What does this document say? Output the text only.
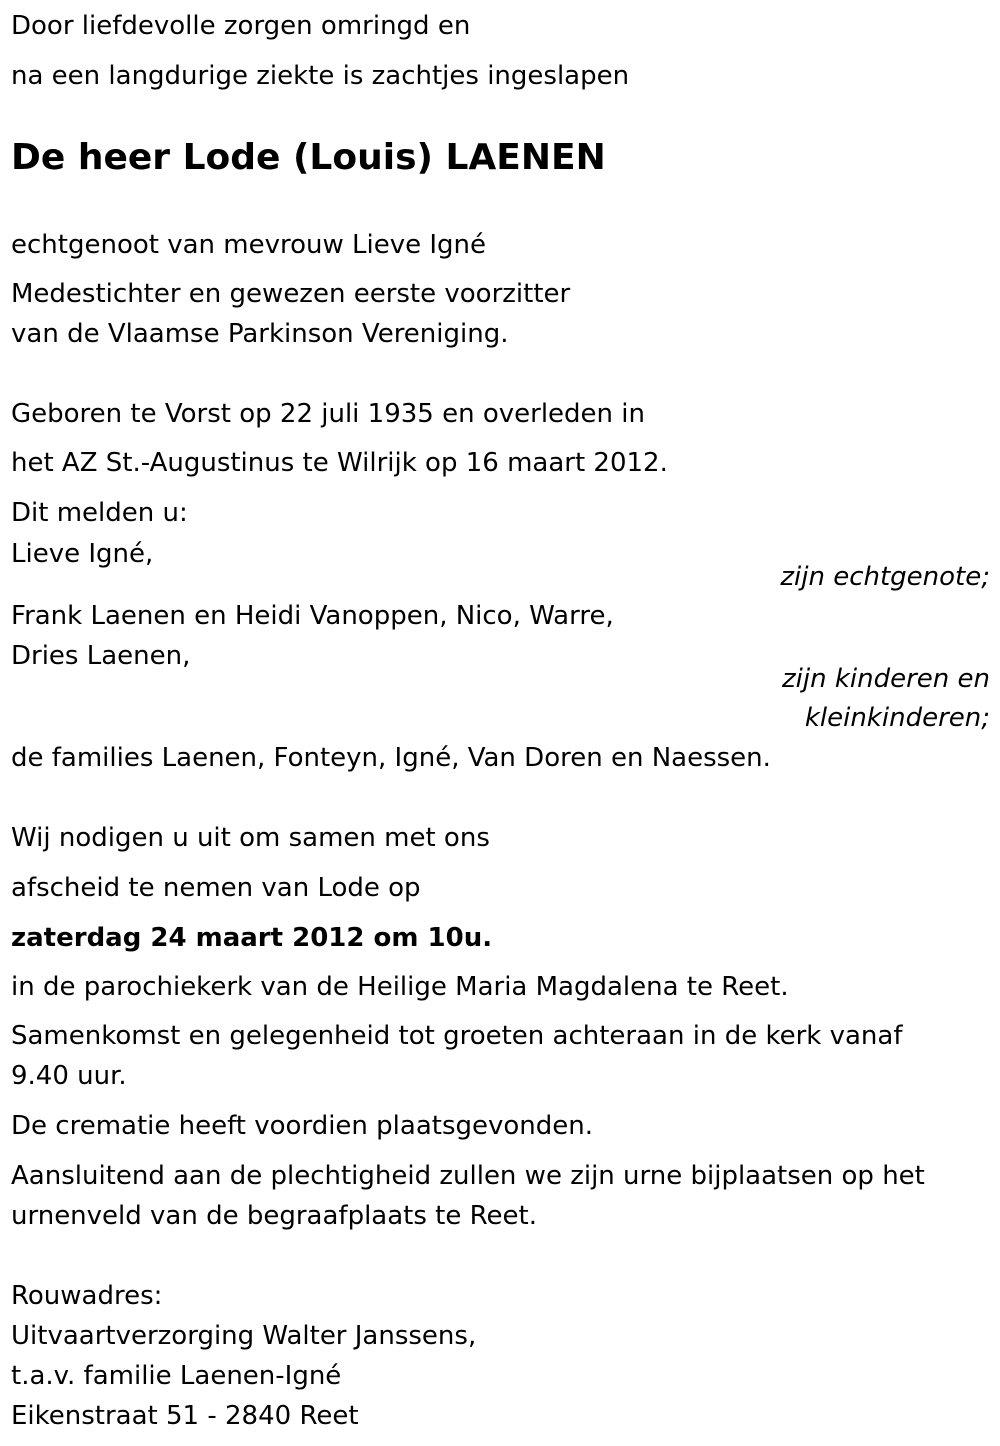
Door liefdevolle zorgen omringd en
na een langdurige ziekte is zachtjes ingeslapen
De heer Lode (Louis) LAENEN
echtgenoot van mevrouw Lieve Igné
Medestichter en gewezen eerste voorzitter
van de Vlaamse Parkinson Vereniging.
Geboren te Vorst op 22 juli 1935 en overleden in
het AZ St.-Augustinus te Wilrijk op 16 maart 2012.
Dit melden u:
Lieve Igné,
zijn echtgenote;
Frank Laenen en Heidi Vanoppen, Nico, Warre,
Dries Laenen,
zijn kinderen en
kleinkinderen;
de families Laenen, Fonteyn, Igné, Van Doren en Naessen.
Wij nodigen u uit om samen met ons
afscheid te nemen van Lode op
zaterdag 24 maart 2012 om 10u.
in de parochiekerk van de Heilige Maria Magdalena te Reet.
Samenkomst en gelegenheid tot groeten achteraan in de kerk vanaf
9.40 uur.
De crematie heeft voordien plaatsgevonden.
Aansluitend aan de plechtigheid zullen we zijn urne bijplaatsen op het
urnenveld van de begraafplaats te Reet.
Rouwadres:
Uitvaartverzorging Walter Janssens,
t.a.v. familie Laenen-Igné
Eikenstraat 51 - 2840 Reet
